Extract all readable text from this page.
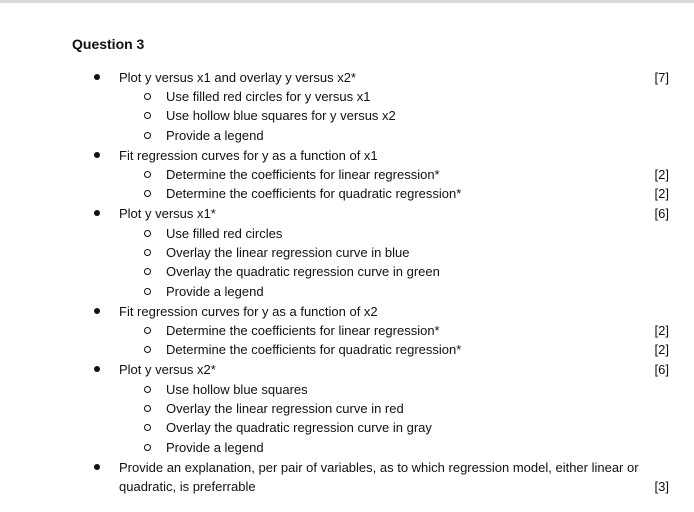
Question 3
Plot y versus x1 and overlay y versus x2*	[7]
Use filled red circles for y versus x1
Use hollow blue squares for y versus x2
Provide a legend
Fit regression curves for y as a function of x1
Determine the coefficients for linear regression*	[2]
Determine the coefficients for quadratic regression*	[2]
Plot y versus x1*	[6]
Use filled red circles
Overlay the linear regression curve in blue
Overlay the quadratic regression curve in green
Provide a legend
Fit regression curves for y as a function of x2
Determine the coefficients for linear regression*	[2]
Determine the coefficients for quadratic regression*	[2]
Plot y versus x2*	[6]
Use hollow blue squares
Overlay the linear regression curve in red
Overlay the quadratic regression curve in gray
Provide a legend
Provide an explanation, per pair of variables, as to which regression model, either linear or
quadratic, is preferrable	[3]
